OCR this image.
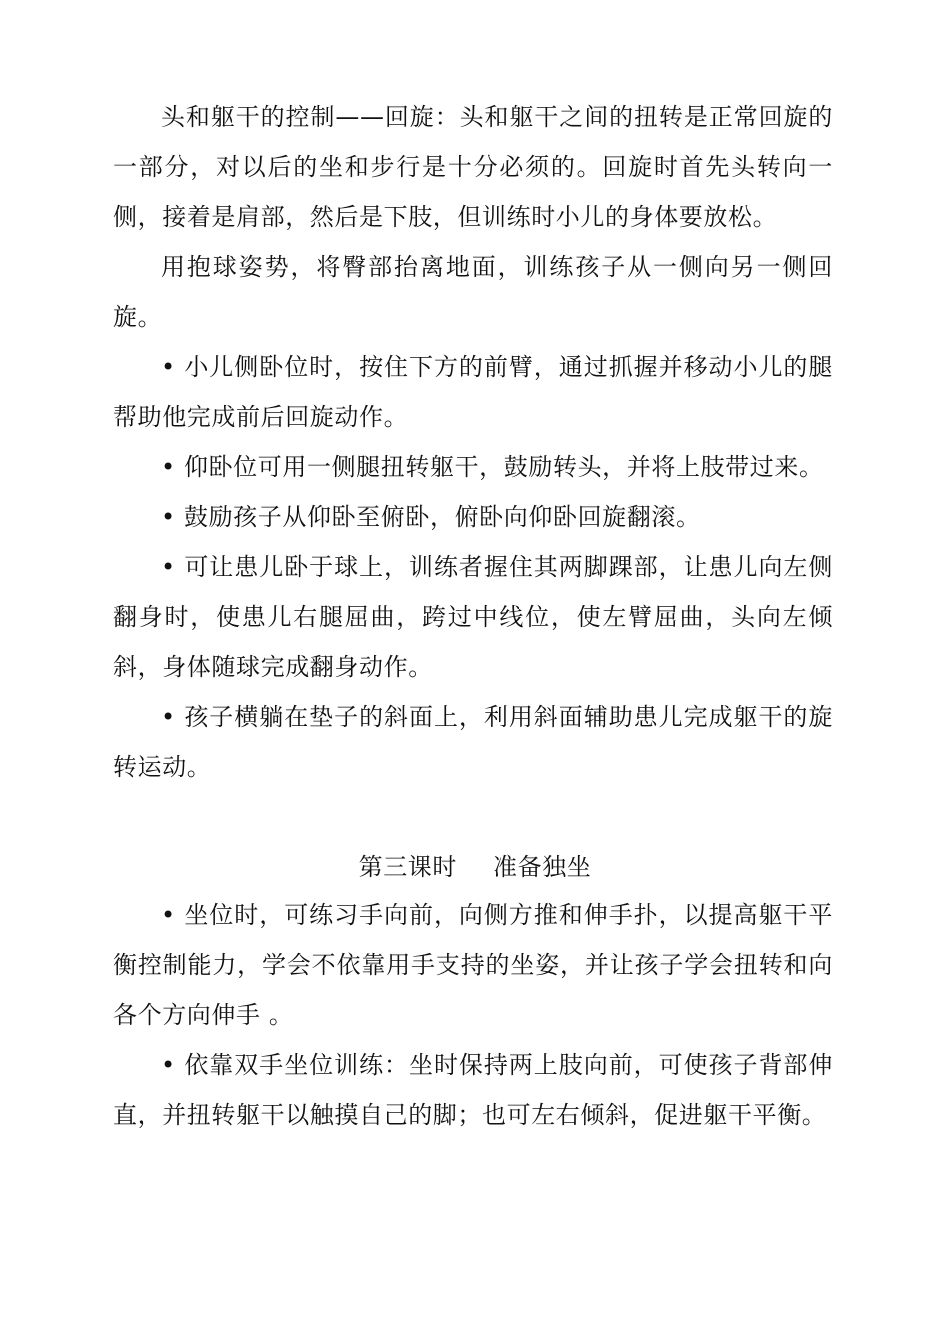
头和躯干的控制——回旋：头和躯干之间的扭转是正常回旋的一部分，对以后的坐和步行是十分必须的。回旋时首先头转向一侧，接着是肩部，然后是下肢，但训练时小儿的身体要放松。

用抱球姿势，将臀部抬离地面，训练孩子从一侧向另一侧回旋。

• 小儿侧卧位时，按住下方的前臂，通过抓握并移动小儿的腿帮助他完成前后回旋动作。

• 仰卧位可用一侧腿扭转躯干，鼓励转头，并将上肢带过来。

• 鼓励孩子从仰卧至俯卧，俯卧向仰卧回旋翻滚。

• 可让患儿卧于球上，训练者握住其两脚踝部，让患儿向左侧翻身时，使患儿右腿屈曲，跨过中线位，使左臂屈曲，头向左倾斜，身体随球完成翻身动作。

• 孩子横躺在垫子的斜面上，利用斜面辅助患儿完成躯干的旋转运动。

第三课时 准备独坐

• 坐位时，可练习手向前，向侧方推和伸手扑，以提高躯干平衡控制能力，学会不依靠用手支持的坐姿，并让孩子学会扭转和向各个方向伸手 。

• 依靠双手坐位训练：坐时保持两上肢向前，可使孩子背部伸直，并扭转躯干以触摸自己的脚；也可左右倾斜，促进躯干平衡。
